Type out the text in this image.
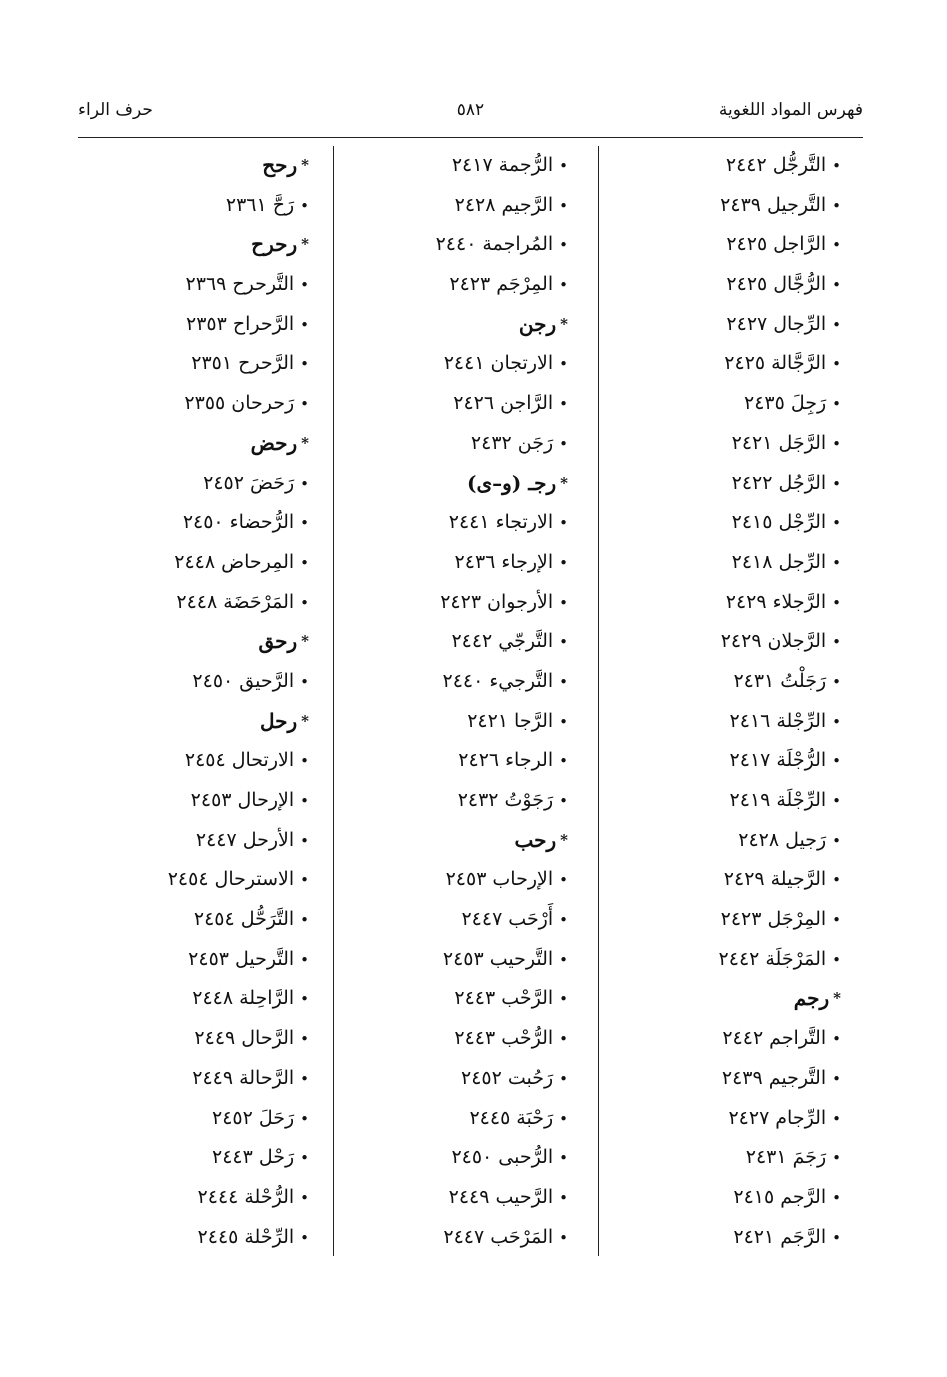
فهرس المواد اللغوية
٥٨٢
حرف الراء
•التَّرجُّل٢٤٤٢
•التَّرجيل٢٤٣٩
•الرَّاجل٢٤٢٥
•الرُّجَّال٢٤٢٥
•الرِّجال٢٤٢٧
•الرَّجَّالة٢٤٢٥
•رَجِلَ٢٤٣٥
•الرَّجَل٢٤٢١
•الرَّجُل٢٤٢٢
•الرِّجْل٢٤١٥
•الرِّجل٢٤١٨
•الرَّجلاء٢٤٢٩
•الرَّجلان٢٤٢٩
•رَجَلْتُ٢٤٣١
•الرِّجْلة٢٤١٦
•الرُّجْلَة٢٤١٧
•الرِّجْلَة٢٤١٩
•رَجيل٢٤٢٨
•الرَّجيلة٢٤٢٩
•المِرْجَل٢٤٢٣
•المَرْجَلَة٢٤٤٢
*رجم
•التَّراجم٢٤٤٢
•التَّرجيم٢٤٣٩
•الرِّجام٢٤٢٧
•رَجَمَ٢٤٣١
•الرَّجم٢٤١٥
•الرَّجَم٢٤٢١
•الرُّجمة٢٤١٧
•الرَّجيم٢٤٢٨
•المُراجمة٢٤٤٠
•المِرْجَم٢٤٢٣
*رجن
•الارتجان٢٤٤١
•الرَّاجن٢٤٢٦
•رَجَن٢٤٣٢
*رجـ (و–ى)
•الارتجاء٢٤٤١
•الإرجاء٢٤٣٦
•الأرجوان٢٤٢٣
•التَّرجّي٢٤٤٢
•التَّرجيء٢٤٤٠
•الرَّجا٢٤٢١
•الرجاء٢٤٢٦
•رَجَوْتُ٢٤٣٢
*رحب
•الإرحاب٢٤٥٣
•أَرْحَب٢٤٤٧
•التَّرحيب٢٤٥٣
•الرَّحْب٢٤٤٣
•الرُّحْب٢٤٤٣
•رَحُبت٢٤٥٢
•رَحْبَة٢٤٤٥
•الرُّحبى٢٤٥٠
•الرَّحيب٢٤٤٩
•المَرْحَب٢٤٤٧
*رحح
•رَحَّ٢٣٦١
*رحرح
•التَّرحرح٢٣٦٩
•الرَّحراح٢٣٥٣
•الرَّحرح٢٣٥١
•رَحرحان٢٣٥٥
*رحض
•رَحَضَ٢٤٥٢
•الرُّحضاء٢٤٥٠
•المِرحاض٢٤٤٨
•المَرْحَضَة٢٤٤٨
*رحق
•الرَّحيق٢٤٥٠
*رحل
•الارتحال٢٤٥٤
•الإرحال٢٤٥٣
•الأرحل٢٤٤٧
•الاسترحال٢٤٥٤
•التَّرَحُّل٢٤٥٤
•التَّرحيل٢٤٥٣
•الرَّاحِلة٢٤٤٨
•الرَّحال٢٤٤٩
•الرَّحالة٢٤٤٩
•رَحَلَ٢٤٥٢
•رَحْل٢٤٤٣
•الرُّحْلة٢٤٤٤
•الرِّحْلة٢٤٤٥
